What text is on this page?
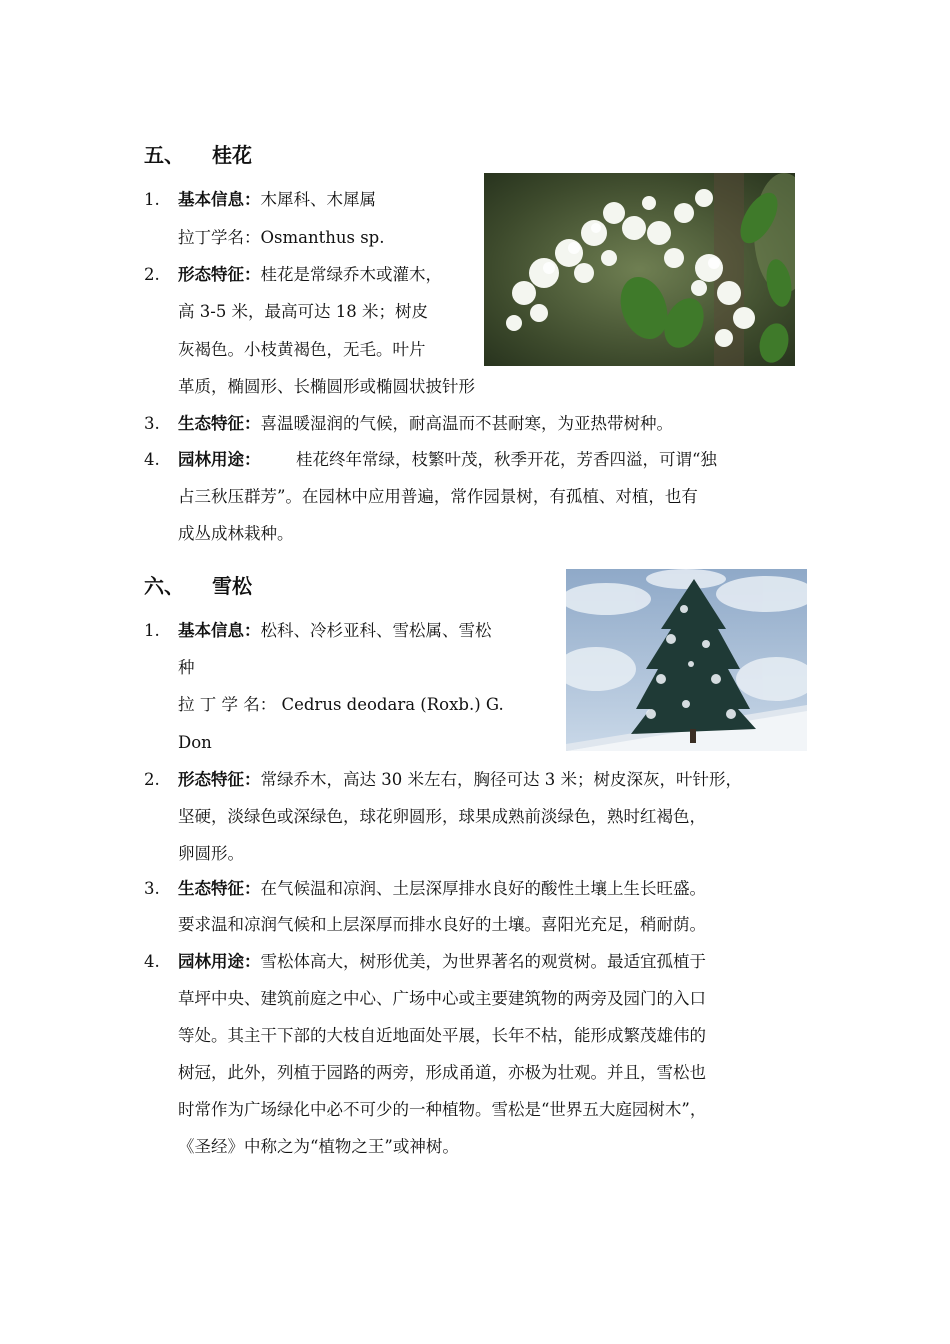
五、 桂花
1. 基本信息：木犀科、木犀属
拉丁学名：Osmanthus sp.
2. 形态特征：桂花是常绿乔木或灌木，
高 3-5 米，最高可达 18 米；树皮
灰褐色。小枝黄褐色，无毛。叶片
革质，椭圆形、长椭圆形或椭圆状披针形
3. 生态特征：喜温暖湿润的气候，耐高温而不甚耐寒，为亚热带树种。
4. 园林用途： 桂花终年常绿，枝繁叶茂，秋季开花，芳香四溢，可谓“独
占三秋压群芳”。在园林中应用普遍，常作园景树，有孤植、对植，也有
成丛成林栽种。
六、 雪松
1. 基本信息：松科、冷杉亚科、雪松属、雪松
种
拉 丁 学 名： Cedrus deodara (Roxb.) G.
Don
2. 形态特征：常绿乔木，高达 30 米左右，胸径可达 3 米；树皮深灰，叶针形，
坚硬，淡绿色或深绿色，球花卵圆形，球果成熟前淡绿色，熟时红褐色，
卵圆形。
3. 生态特征：在气候温和凉润、土层深厚排水良好的酸性土壤上生长旺盛。
要求温和凉润气候和上层深厚而排水良好的土壤。喜阳光充足，稍耐荫。
4. 园林用途：雪松体高大，树形优美，为世界著名的观赏树。最适宜孤植于
草坪中央、建筑前庭之中心、广场中心或主要建筑物的两旁及园门的入口
等处。其主干下部的大枝自近地面处平展，长年不枯，能形成繁茂雄伟的
树冠，此外，列植于园路的两旁，形成甬道，亦极为壮观。并且，雪松也
时常作为广场绿化中必不可少的一种植物。雪松是“世界五大庭园树木”，
《圣经》中称之为“植物之王”或神树。
